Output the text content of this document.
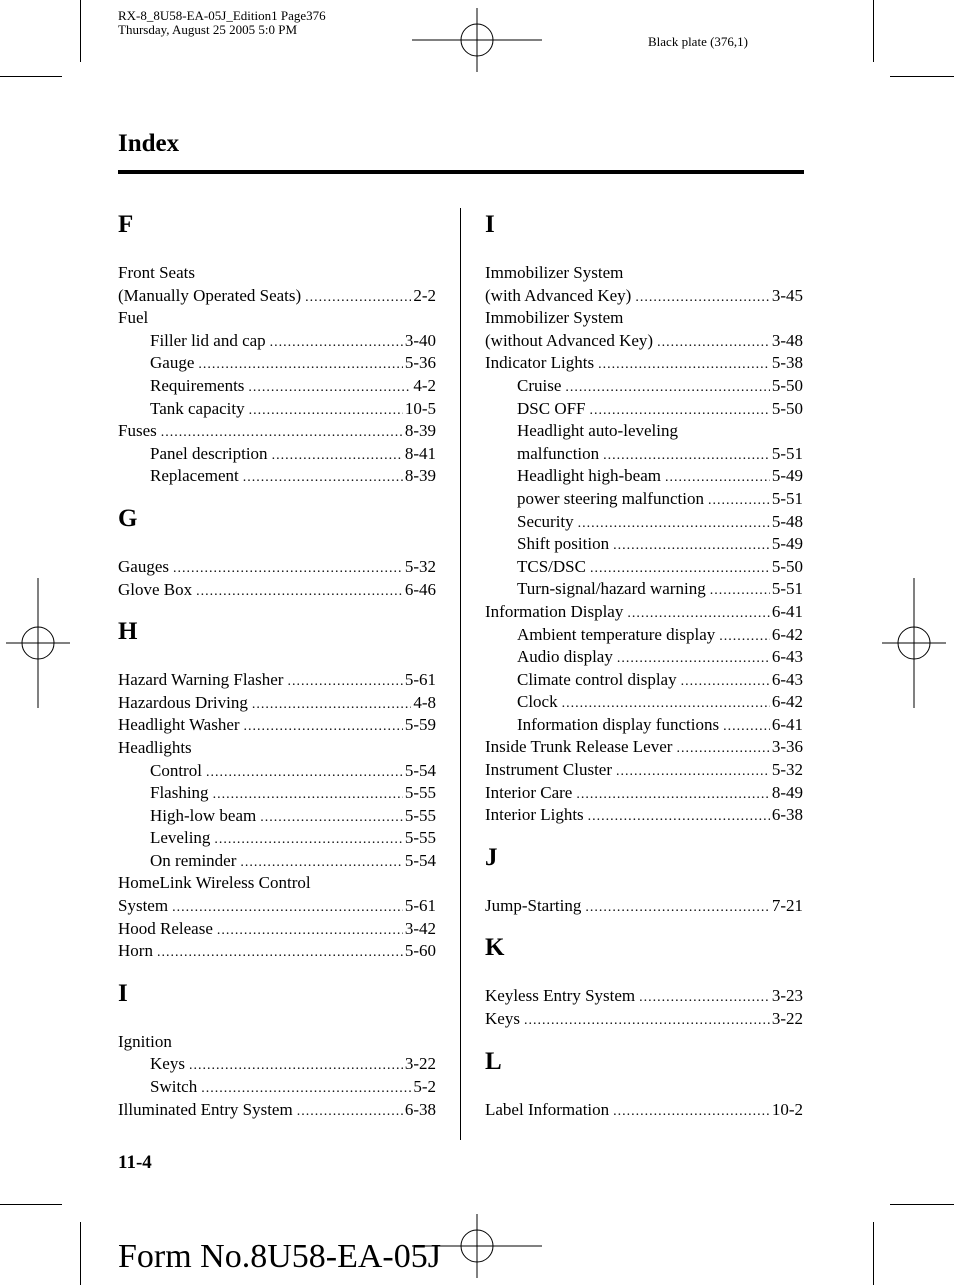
RX-8_8U58-EA-05J_Edition1 Page376
Thursday, August 25 2005 5:0 PM
Black plate (376,1)
Index
F
Front Seats
(Manually Operated Seats) .....	2-2
Fuel
Filler lid and cap .....	3-40
Gauge .....	5-36
Requirements .....	4-2
Tank capacity .....	10-5
Fuses .....	8-39
Panel description .....	8-41
Replacement .....	8-39
G
Gauges .....	5-32
Glove Box .....	6-46
H
Hazard Warning Flasher .....	5-61
Hazardous Driving .....	4-8
Headlight Washer .....	5-59
Headlights
Control .....	5-54
Flashing .....	5-55
High-low beam .....	5-55
Leveling .....	5-55
On reminder .....	5-54
HomeLink Wireless Control
System .....	5-61
Hood Release .....	3-42
Horn .....	5-60
I
Ignition
Keys .....	3-22
Switch .....	5-2
Illuminated Entry System .....	6-38
I
Immobilizer System
(with Advanced Key) .....	3-45
Immobilizer System
(without Advanced Key) .....	3-48
Indicator Lights .....	5-38
Cruise .....	5-50
DSC OFF .....	5-50
Headlight auto-leveling
malfunction .....	5-51
Headlight high-beam .....	5-49
power steering malfunction .....	5-51
Security .....	5-48
Shift position .....	5-49
TCS/DSC .....	5-50
Turn-signal/hazard warning .....	5-51
Information Display .....	6-41
Ambient temperature display .....	6-42
Audio display .....	6-43
Climate control display .....	6-43
Clock .....	6-42
Information display functions .....	6-41
Inside Trunk Release Lever .....	3-36
Instrument Cluster .....	5-32
Interior Care .....	8-49
Interior Lights .....	6-38
J
Jump-Starting .....	7-21
K
Keyless Entry System .....	3-23
Keys .....	3-22
L
Label Information .....	10-2
11-4
Form No.8U58-EA-05J
